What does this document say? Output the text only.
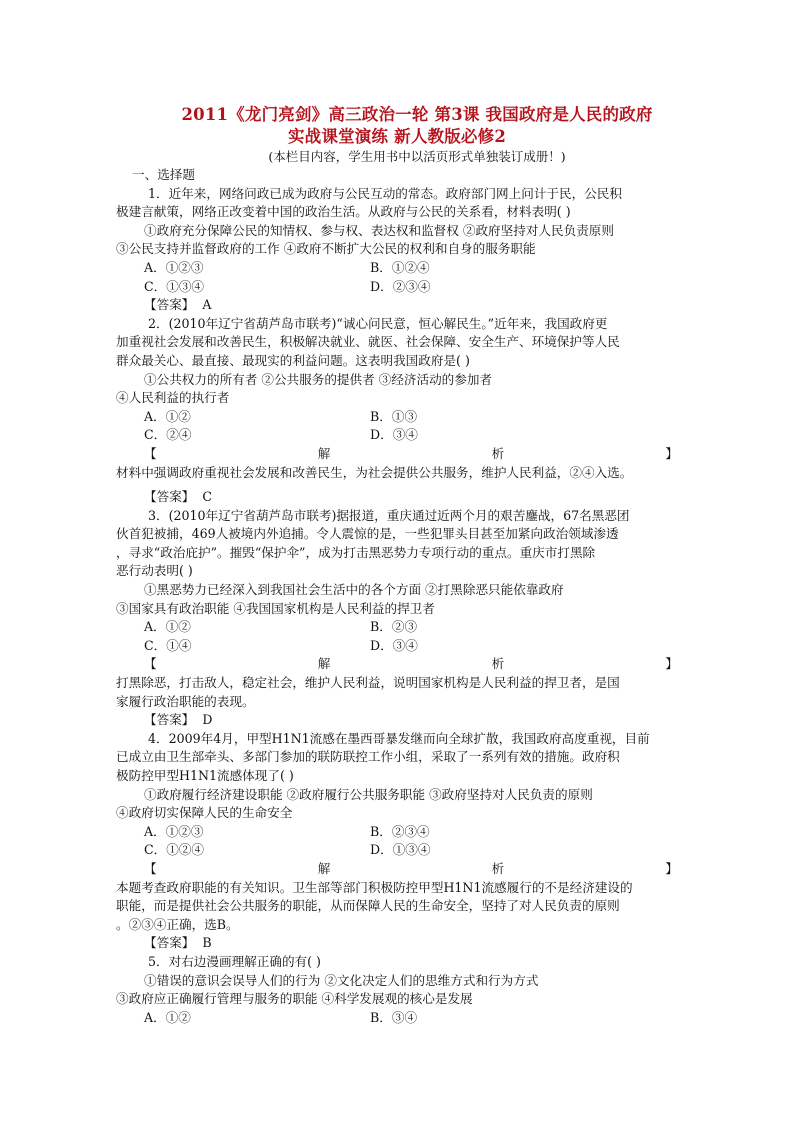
2011《龙门亮剑》高三政治一轮 第3课 我国政府是人民的政府
实战课堂演练 新人教版必修2
(本栏目内容，学生用书中以活页形式单独装订成册！)
一、选择题
1．近年来，网络问政已成为政府与公民互动的常态。政府部门网上问计于民，公民积
极建言献策，网络正改变着中国的政治生活。从政府与公民的关系看，材料表明( )
①政府充分保障公民的知情权、参与权、表达权和监督权 ②政府坚持对人民负责原则
③公民支持并监督政府的工作 ④政府不断扩大公民的权利和自身的服务职能
A．①②③	B．①②④
C．①③④	D．②③④
【答案】 A
2．(2010年辽宁省葫芦岛市联考)“诚心问民意，恒心解民生。”近年来，我国政府更
加重视社会发展和改善民生，积极解决就业、就医、社会保障、安全生产、环境保护等人民
群众最关心、最直接、最现实的利益问题。这表明我国政府是( )
①公共权力的所有者 ②公共服务的提供者 ③经济活动的参加者
④人民利益的执行者
A．①②	B．①③
C．②④	D．③④
【	解	析	】
材料中强调政府重视社会发展和改善民生，为社会提供公共服务，维护人民利益，②④入选。
【答案】 C
3．(2010年辽宁省葫芦岛市联考)据报道，重庆通过近两个月的艰苦鏖战，67名黑恶团
伙首犯被捕，469人被境内外追捕。令人震惊的是，一些犯罪头目甚至加紧向政治领域渗透
，寻求“政治庇护”。摧毁“保护伞”，成为打击黑恶势力专项行动的重点。重庆市打黑除
恶行动表明( )
①黑恶势力已经深入到我国社会生活中的各个方面 ②打黑除恶只能依靠政府
③国家具有政治职能 ④我国国家机构是人民利益的捍卫者
A．①②	B．②③
C．①④	D．③④
【	解	析	】
打黑除恶，打击敌人，稳定社会，维护人民利益，说明国家机构是人民利益的捍卫者，是国
家履行政治职能的表现。
【答案】 D
4．2009年4月，甲型H1N1流感在墨西哥暴发继而向全球扩散，我国政府高度重视，目前
已成立由卫生部牵头、多部门参加的联防联控工作小组，采取了一系列有效的措施。政府积
极防控甲型H1N1流感体现了( )
①政府履行经济建设职能 ②政府履行公共服务职能 ③政府坚持对人民负责的原则
④政府切实保障人民的生命安全
A．①②③	B．②③④
C．①②④	D．①③④
【	解	析	】
本题考查政府职能的有关知识。卫生部等部门积极防控甲型H1N1流感履行的不是经济建设的
职能，而是提供社会公共服务的职能，从而保障人民的生命安全，坚持了对人民负责的原则
。②③④正确，选B。
【答案】 B
5．对右边漫画理解正确的有( )
①错误的意识会误导人们的行为 ②文化决定人们的思维方式和行为方式
③政府应正确履行管理与服务的职能 ④科学发展观的核心是发展
A．①②	B．③④
